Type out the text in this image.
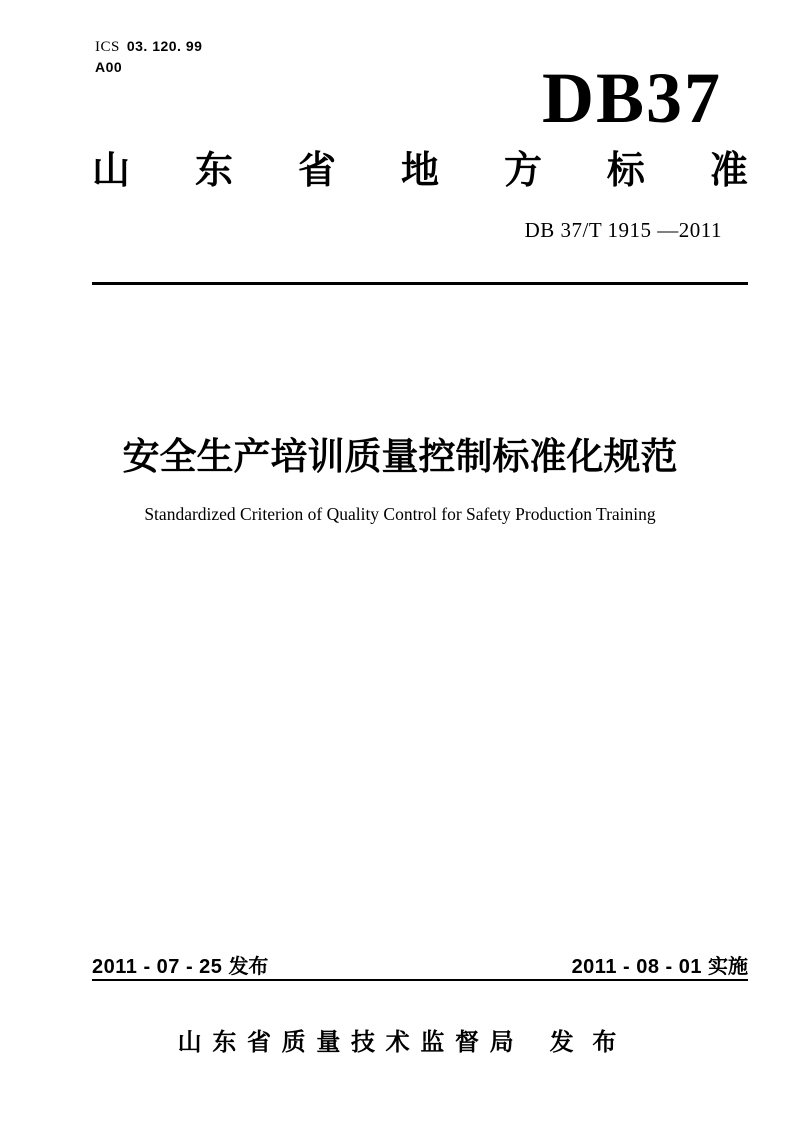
ICS 03. 120. 99
A00	DB37
山 东 省 地 方 标 准
DB 37/T 1915 —2011
安全生产培训质量控制标准化规范
Standardized Criterion of Quality Control for Safety Production Training
2011 - 07 - 25 发布	2011 - 08 - 01 实施
山 东 省 质 量 技 术 监 督 局 发 布
